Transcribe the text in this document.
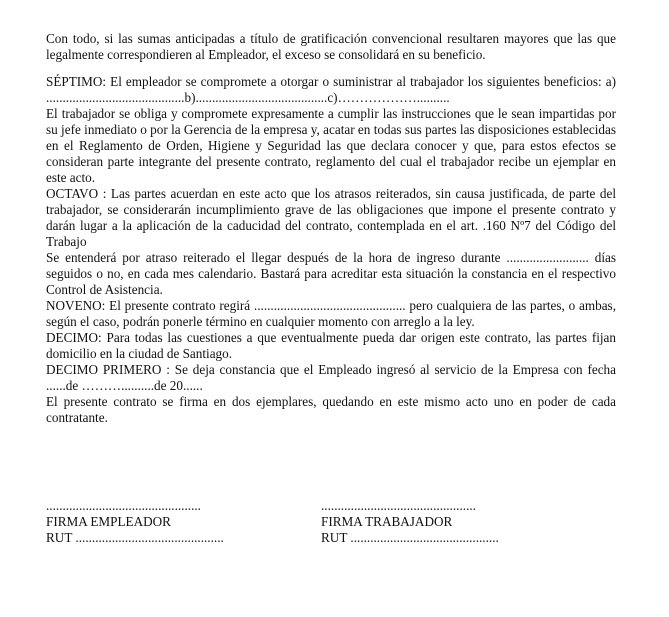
Con todo, si las sumas anticipadas a título de gratificación convencional resultaren mayores que las que legalmente correspondieren al Empleador, el exceso se consolidará en su beneficio.

SÉPTIMO: El empleador se compromete a otorgar o suministrar al trabajador los siguientes beneficios: a) ..........................................b)........................................c)………………..........

El trabajador se obliga y compromete expresamente a cumplir las instrucciones que le sean impartidas por su jefe inmediato o por la Gerencia de la empresa y, acatar en todas sus partes las disposiciones establecidas en el Reglamento de Orden, Higiene y Seguridad las que declara conocer y que, para estos efectos se consideran parte integrante del presente contrato, reglamento del cual el trabajador recibe un ejemplar en este acto.

OCTAVO : Las partes acuerdan en este acto que los atrasos reiterados, sin causa justificada, de parte del trabajador, se considerarán incumplimiento grave de las obligaciones que impone el presente contrato y darán lugar a la aplicación de la caducidad del contrato, contemplada en el art. .160 Nº7 del Código del Trabajo

Se entenderá por atraso reiterado el llegar después de la hora de ingreso durante ......................... días seguidos o no, en cada mes calendario. Bastará para acreditar esta situación la constancia en el respectivo Control de Asistencia.

NOVENO: El presente contrato regirá .............................................. pero cualquiera de las partes, o ambas, según el caso, podrán ponerle término en cualquier momento con arreglo a la ley.

DECIMO: Para todas las cuestiones a que eventualmente pueda dar origen este contrato, las partes fijan domicilio en la ciudad de Santiago.

DECIMO PRIMERO : Se deja constancia que el Empleado ingresó al servicio de la Empresa con fecha ......de ………..........de 20......

El presente contrato se firma en dos ejemplares, quedando en este mismo acto uno en poder de cada contratante.

...............................................
FIRMA EMPLEADOR
RUT .............................................
...............................................
FIRMA TRABAJADOR
RUT .............................................
